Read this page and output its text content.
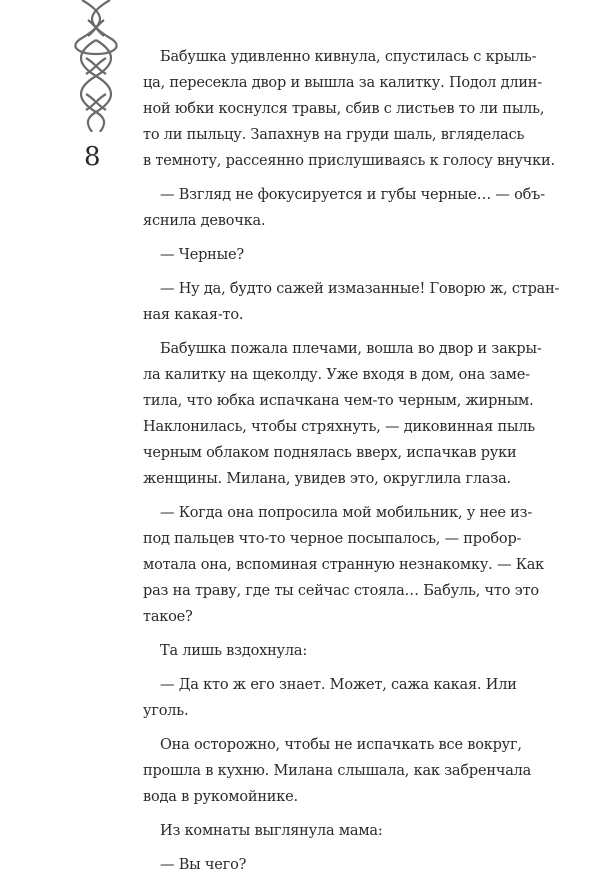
8

Бабушка удивленно кивнула, спустилась с крыль-
ца, пересекла двор и вышла за калитку. Подол длин-
ной юбки коснулся травы, сбив с листьев то ли пыль,
то ли пыльцу. Запахнув на груди шаль, вгляделась
в темноту, рассеянно прислушиваясь к голосу внучки.

— Взгляд не фокусируется и губы черные… — объ-
яснила девочка.

— Черные?

— Ну да, будто сажей измазанные! Говорю ж, стран-
ная какая-то.

Бабушка пожала плечами, вошла во двор и закры-
ла калитку на щеколду. Уже входя в дом, она заме-
тила, что юбка испачкана чем-то черным, жирным.
Наклонилась, чтобы стряхнуть, — диковинная пыль
черным облаком поднялась вверх, испачкав руки
женщины. Милана, увидев это, округлила глаза.

— Когда она попросила мой мобильник, у нее из-
под пальцев что-то черное посыпалось, — пробор-
мотала она, вспоминая странную незнакомку. — Как
раз на траву, где ты сейчас стояла… Бабуль, что это
такое?

Та лишь вздохнула:

— Да кто ж его знает. Может, сажа какая. Или
уголь.

Она осторожно, чтобы не испачкать все вокруг,
прошла в кухню. Милана слышала, как забренчала
вода в рукомойнике.

Из комнаты выглянула мама:

— Вы чего?
